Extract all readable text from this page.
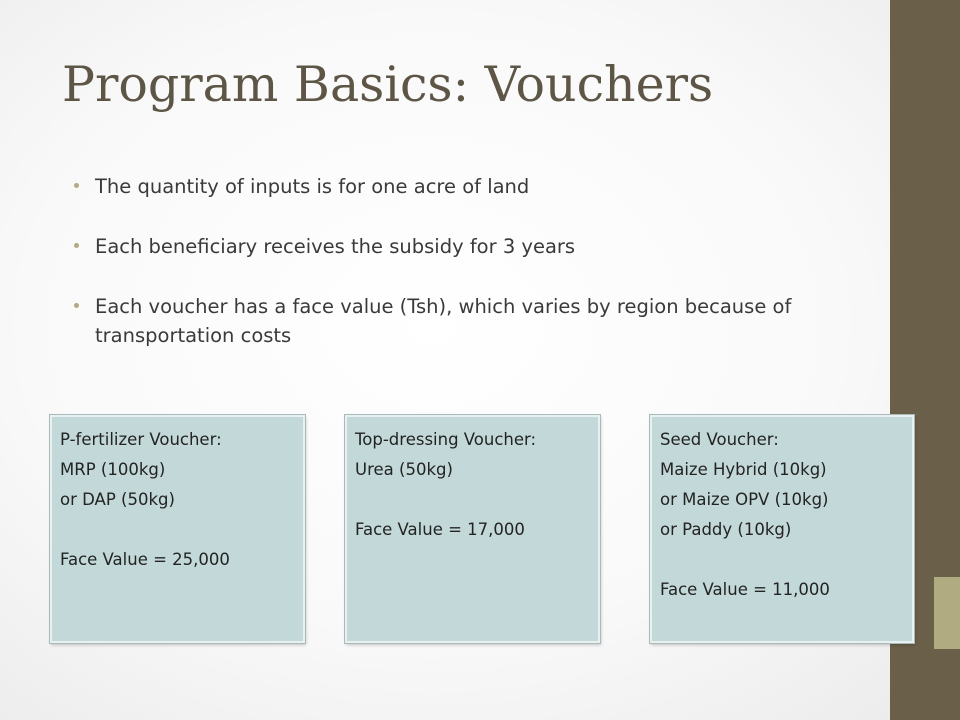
Program Basics: Vouchers
The quantity of inputs is for one acre of land
Each beneficiary receives the subsidy for 3 years
Each voucher has a face value (Tsh), which varies by region because of transportation costs
P-fertilizer Voucher:
MRP (100kg)
or DAP (50kg)
Face Value = 25,000
Top-dressing Voucher:
Urea (50kg)
Face Value = 17,000
Seed Voucher:
Maize Hybrid (10kg)
or Maize OPV (10kg)
or Paddy (10kg)
Face Value = 11,000
